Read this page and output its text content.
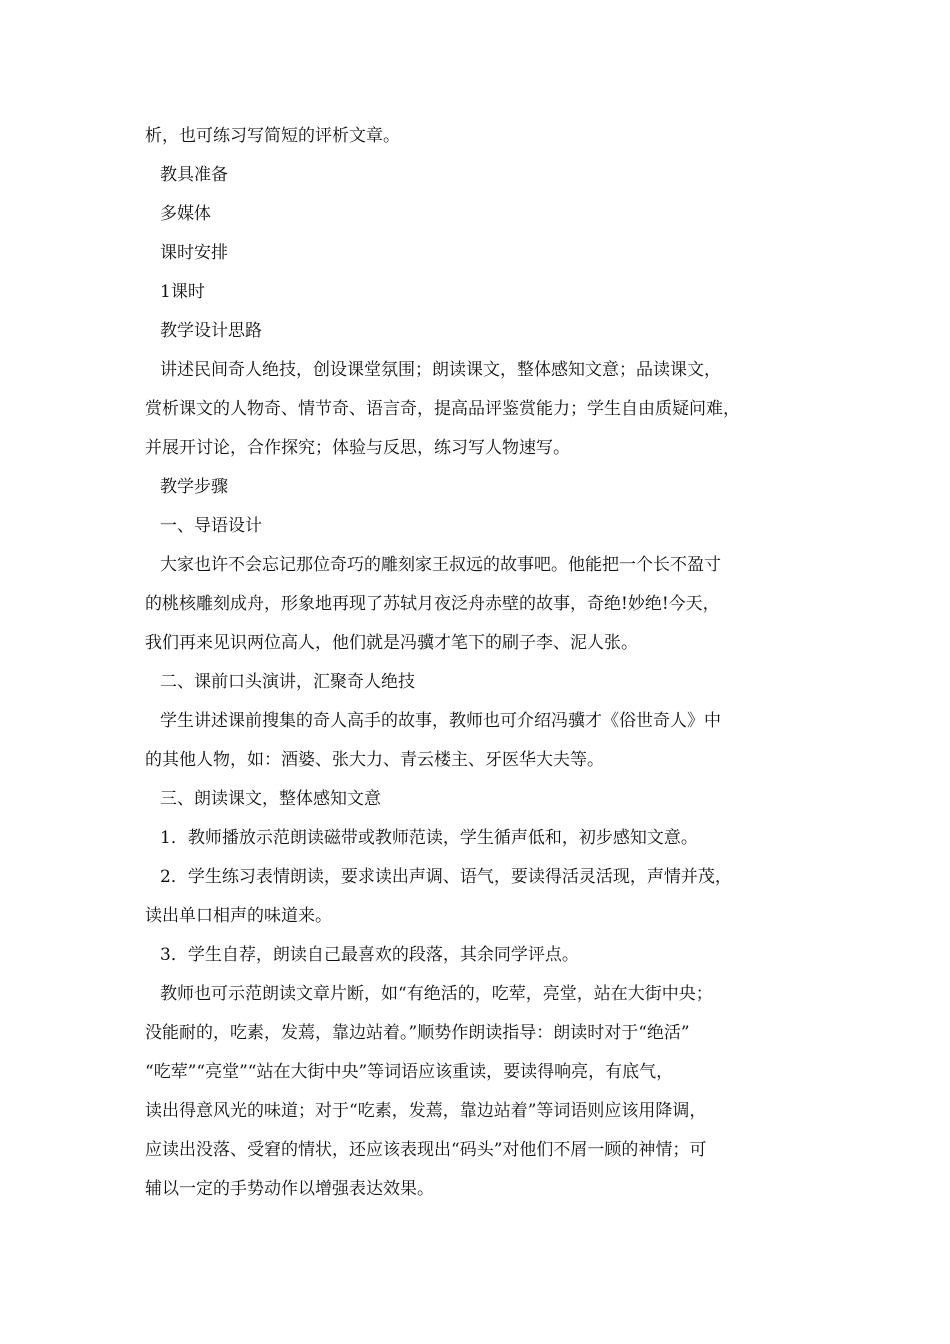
析，也可练习写简短的评析文章。
教具准备
多媒体
课时安排
1课时
教学设计思路
讲述民间奇人绝技，创设课堂氛围；朗读课文，整体感知文意；品读课文，
赏析课文的人物奇、情节奇、语言奇，提高品评鉴赏能力；学生自由质疑问难，
并展开讨论，合作探究；体验与反思，练习写人物速写。
教学步骤
一、导语设计
大家也许不会忘记那位奇巧的雕刻家王叔远的故事吧。他能把一个长不盈寸
的桃核雕刻成舟，形象地再现了苏轼月夜泛舟赤壁的故事，奇绝!妙绝!今天，
我们再来见识两位高人，他们就是冯骥才笔下的刷子李、泥人张。
二、课前口头演讲，汇聚奇人绝技
学生讲述课前搜集的奇人高手的故事，教师也可介绍冯骥才《俗世奇人》中
的其他人物，如：酒婆、张大力、青云楼主、牙医华大夫等。
三、朗读课文，整体感知文意
1．教师播放示范朗读磁带或教师范读，学生循声低和，初步感知文意。
2．学生练习表情朗读，要求读出声调、语气，要读得活灵活现，声情并茂，
读出单口相声的味道来。
3．学生自荐，朗读自己最喜欢的段落，其余同学评点。
教师也可示范朗读文章片断，如“有绝活的，吃荤，亮堂，站在大街中央；
没能耐的，吃素，发蔫，靠边站着。”顺势作朗读指导：朗读时对于“绝活”
“吃荤”“亮堂”“站在大街中央”等词语应该重读，要读得响亮，有底气，
读出得意风光的味道；对于“吃素，发蔫，靠边站着”等词语则应该用降调，
应读出没落、受窘的情状，还应该表现出“码头”对他们不屑一顾的神情；可
辅以一定的手势动作以增强表达效果。
